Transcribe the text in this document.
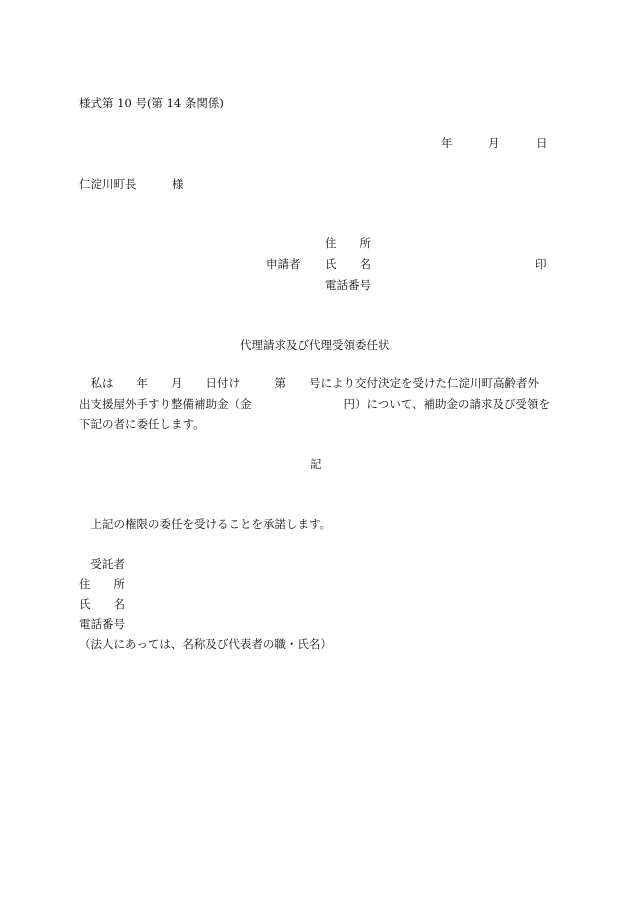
様式第 10 号(第 14 条関係)
年	月	日
仁淀川町長	様
住　　所
申請者 氏　　名	印
電話番号
代理請求及び代理受領委任状
　私は　　年　　月　　日付け　　　第　　号により交付決定を受けた仁淀川町高齢者外
出支援屋外手すり整備補助金（金　　　　　　　　円）について、補助金の請求及び受領を
下記の者に委任します。
記
　上記の権限の委任を受けることを承諾します。
　受託者
住　　所
氏　　名
電話番号
（法人にあっては、名称及び代表者の職・氏名）
